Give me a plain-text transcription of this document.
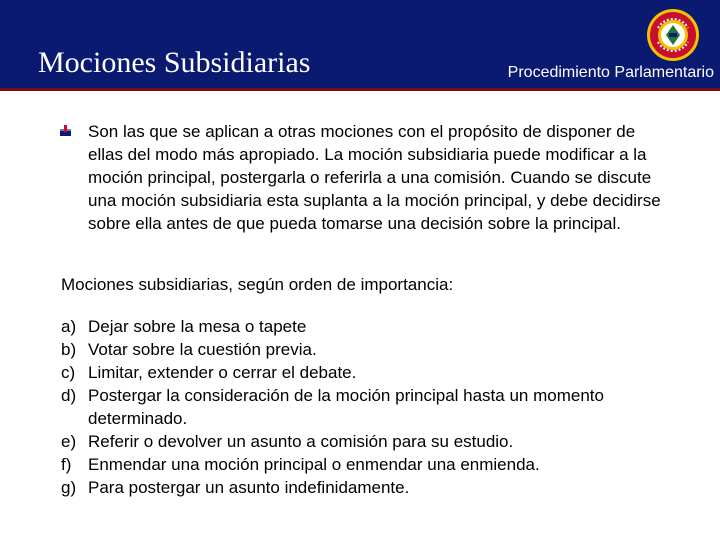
Mociones Subsidiarias	Procedimiento Parlamentario

Son las que se aplican a otras mociones con el propósito de disponer de ellas del modo más apropiado. La moción subsidiaria puede modificar a la moción principal, postergarla o referirla a una comisión. Cuando se discute una moción subsidiaria esta suplanta a la moción principal, y debe decidirse sobre ella antes de que pueda tomarse una decisión sobre la principal.

Mociones subsidiarias, según orden de importancia:

a) Dejar sobre la mesa o tapete
b) Votar sobre la cuestión previa.
c) Limitar, extender o cerrar el debate.
d) Postergar la consideración de la moción principal hasta un momento determinado.
e) Referir o devolver un asunto a comisión para su estudio.
f) Enmendar una moción principal o enmendar una enmienda.
g) Para postergar un asunto indefinidamente.
